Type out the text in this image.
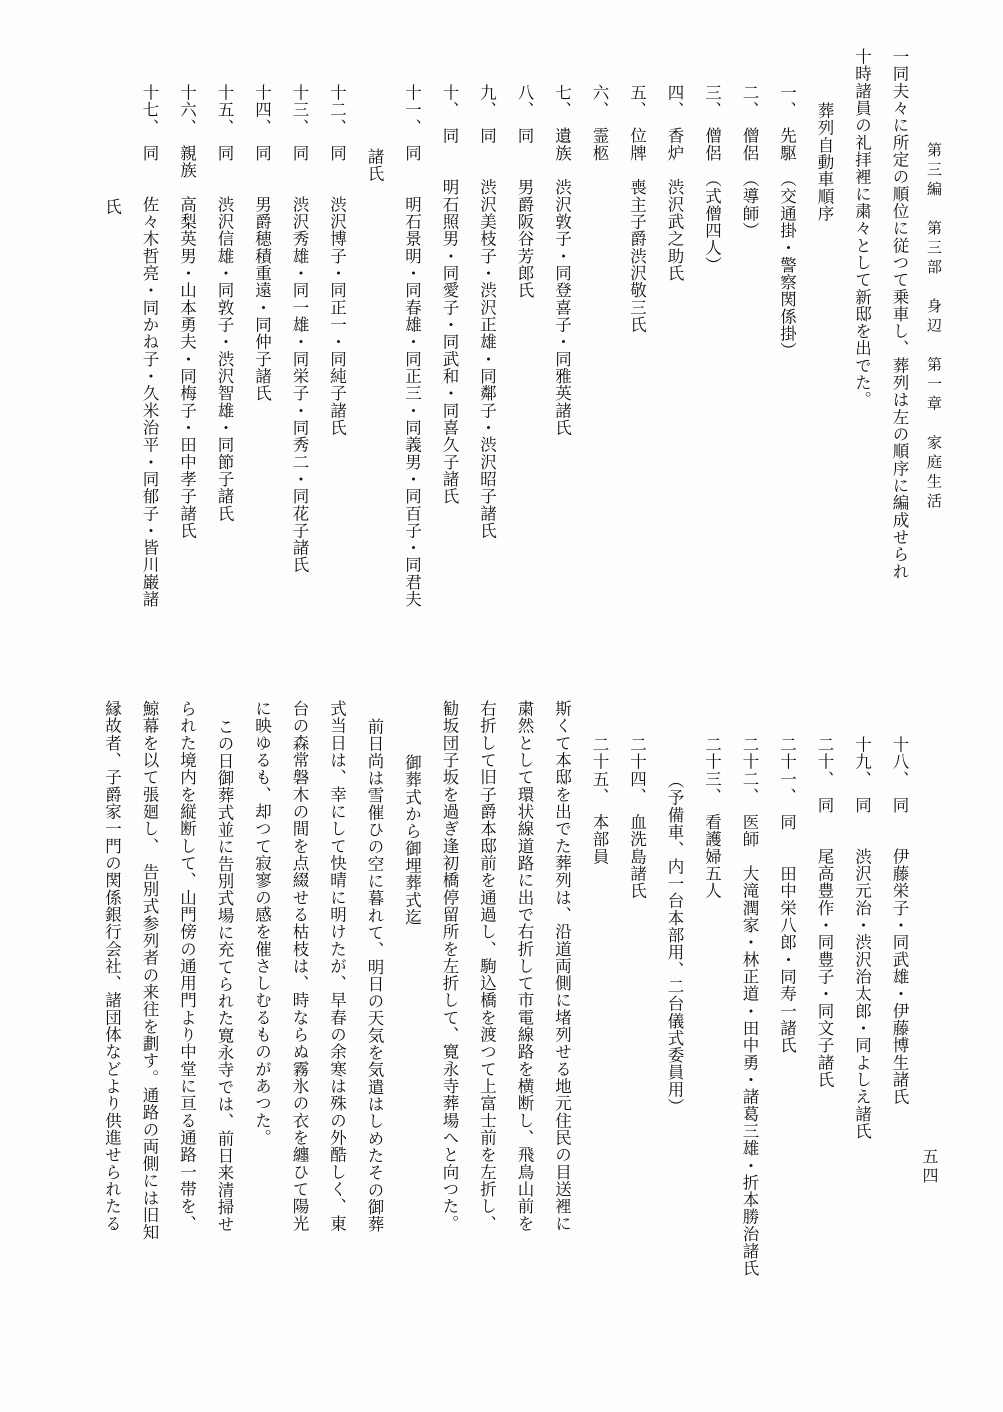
第三編　第三部　身辺　第一章　家庭生活
五四
一同夫々に所定の順位に従つて乗車し、葬列は左の順序に編成せられ
十時諸員の礼拝裡に粛々として新邸を出でた。
葬列自動車順序
一、　先駆　（交通掛・警察関係掛）
二、　僧侶　（導師）
三、　僧侶　（式僧四人）
四、　香炉　渋沢武之助氏
五、　位牌　喪主子爵渋沢敬三氏
六、　霊柩
七、　遺族　渋沢敦子・同登喜子・同雅英諸氏
八、　同　　男爵阪谷芳郎氏
九、　同　　渋沢美枝子・渋沢正雄・同鄰子・渋沢昭子諸氏
十、　同　　明石照男・同愛子・同武和・同喜久子諸氏
十一、　同　　明石景明・同春雄・同正三・同義男・同百子・同君夫
諸氏
十二、　同　　渋沢博子・同正一・同純子諸氏
十三、　同　　渋沢秀雄・同一雄・同栄子・同秀二・同花子諸氏
十四、　同　　男爵穂積重遠・同仲子諸氏
十五、　同　　渋沢信雄・同敦子・渋沢智雄・同節子諸氏
十六、　親族　高梨英男・山本勇夫・同梅子・田中孝子諸氏
十七、　同　　佐々木哲亮・同かね子・久米治平・同郁子・皆川巌諸
氏
十八、　同　　伊藤栄子・同武雄・伊藤博生諸氏
十九、　同　　渋沢元治・渋沢治太郎・同よしえ諸氏
二十、　同　　尾高豊作・同豊子・同文子諸氏
二十一、　同　　田中栄八郎・同寿一諸氏
二十二、　医師　大滝潤家・林正道・田中勇・諸葛三雄・折本勝治諸氏
二十三、　看護婦五人
（予備車、内一台本部用、二台儀式委員用）
二十四、　血洗島諸氏
二十五、　本部員
斯くて本邸を出でた葬列は、沿道両側に堵列せる地元住民の目送裡に
粛然として環状線道路に出で右折して市電線路を横断し、飛鳥山前を
右折して旧子爵本邸前を通過し、駒込橋を渡つて上富士前を左折し、
勧坂団子坂を過ぎ逢初橋停留所を左折して、寛永寺葬場へと向つた。
御葬式から御埋葬式迄
前日尚は雪催ひの空に暮れて、明日の天気を気遣はしめたその御葬
式当日は、幸にして快晴に明けたが、早春の余寒は殊の外酷しく、東
台の森常磐木の間を点綴せる枯枝は、時ならぬ霧氷の衣を纏ひて陽光
に映ゆるも、却つて寂寥の感を催さしむるものがあつた。
この日御葬式並に告別式場に充てられた寛永寺では、前日来清掃せ
られた境内を縦断して、山門傍の通用門より中堂に亘る通路一帯を、
鯨幕を以て張廻し、　告別式参列者の来往を劃す。通路の両側には旧知
縁故者、子爵家一門の関係銀行会社、諸団体などより供進せられたる
